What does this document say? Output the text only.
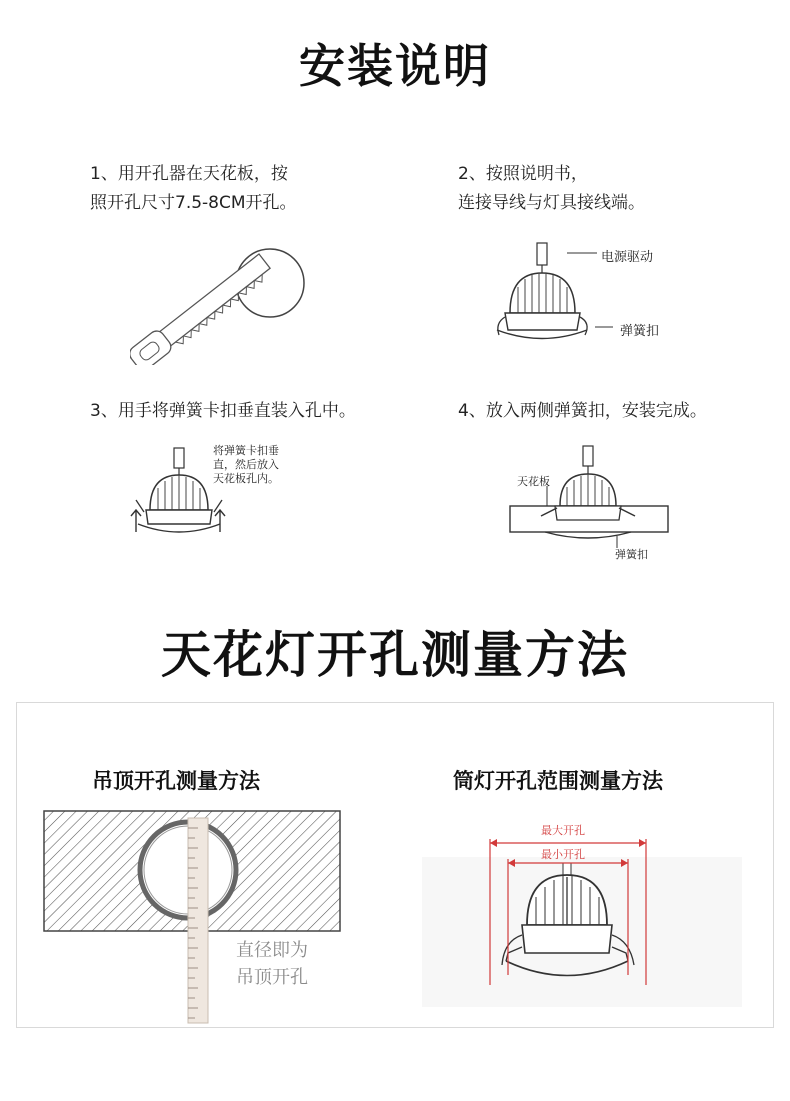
安装说明
1、用开孔器在天花板，按
照开孔尺寸7.5-8CM开孔。
2、按照说明书，
连接导线与灯具接线端。
电源驱动
弹簧扣
3、用手将弹簧卡扣垂直装入孔中。
将弹簧卡扣垂
直，然后放入
天花板孔内。
4、放入两侧弹簧扣，安装完成。
天花板
弹簧扣
天花灯开孔测量方法
吊顶开孔测量方法	筒灯开孔范围测量方法
直径即为
吊顶开孔
最大开孔
最小开孔
